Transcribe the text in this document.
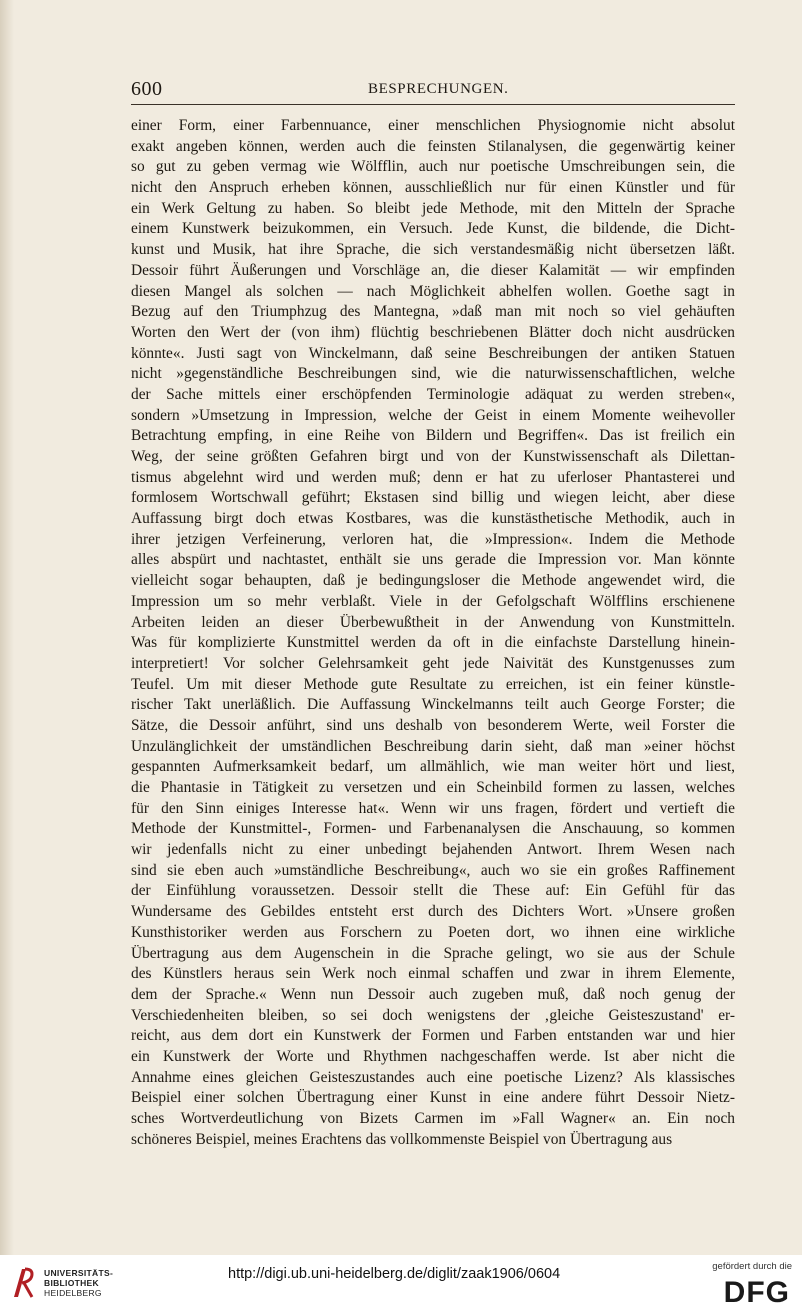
600	BESPRECHUNGEN.
einer Form, einer Farbennuance, einer menschlichen Physiognomie nicht absolut
exakt angeben können, werden auch die feinsten Stilanalysen, die gegenwärtig keiner
so gut zu geben vermag wie Wölfflin, auch nur poetische Umschreibungen sein, die
nicht den Anspruch erheben können, ausschließlich nur für einen Künstler und für
ein Werk Geltung zu haben. So bleibt jede Methode, mit den Mitteln der Sprache
einem Kunstwerk beizukommen, ein Versuch. Jede Kunst, die bildende, die Dicht-
kunst und Musik, hat ihre Sprache, die sich verstandesmäßig nicht übersetzen läßt.
Dessoir führt Äußerungen und Vorschläge an, die dieser Kalamität — wir empfinden
diesen Mangel als solchen — nach Möglichkeit abhelfen wollen. Goethe sagt in
Bezug auf den Triumphzug des Mantegna, »daß man mit noch so viel gehäuften
Worten den Wert der (von ihm) flüchtig beschriebenen Blätter doch nicht ausdrücken
könnte«. Justi sagt von Winckelmann, daß seine Beschreibungen der antiken Statuen
nicht »gegenständliche Beschreibungen sind, wie die naturwissenschaftlichen, welche
der Sache mittels einer erschöpfenden Terminologie adäquat zu werden streben«,
sondern »Umsetzung in Impression, welche der Geist in einem Momente weihevoller
Betrachtung empfing, in eine Reihe von Bildern und Begriffen«. Das ist freilich ein
Weg, der seine größten Gefahren birgt und von der Kunstwissenschaft als Dilettan-
tismus abgelehnt wird und werden muß; denn er hat zu uferloser Phantasterei und
formlosem Wortschwall geführt; Ekstasen sind billig und wiegen leicht, aber diese
Auffassung birgt doch etwas Kostbares, was die kunstästhetische Methodik, auch in
ihrer jetzigen Verfeinerung, verloren hat, die »Impression«. Indem die Methode
alles abspürt und nachtastet, enthält sie uns gerade die Impression vor. Man könnte
vielleicht sogar behaupten, daß je bedingungsloser die Methode angewendet wird, die
Impression um so mehr verblaßt. Viele in der Gefolgschaft Wölfflins erschienene
Arbeiten leiden an dieser Überbewußtheit in der Anwendung von Kunstmitteln.
Was für komplizierte Kunstmittel werden da oft in die einfachste Darstellung hinein-
interpretiert! Vor solcher Gelehrsamkeit geht jede Naivität des Kunstgenusses zum
Teufel. Um mit dieser Methode gute Resultate zu erreichen, ist ein feiner künstle-
rischer Takt unerläßlich. Die Auffassung Winckelmanns teilt auch George Forster; die
Sätze, die Dessoir anführt, sind uns deshalb von besonderem Werte, weil Forster die
Unzulänglichkeit der umständlichen Beschreibung darin sieht, daß man »einer höchst
gespannten Aufmerksamkeit bedarf, um allmählich, wie man weiter hört und liest,
die Phantasie in Tätigkeit zu versetzen und ein Scheinbild formen zu lassen, welches
für den Sinn einiges Interesse hat«. Wenn wir uns fragen, fördert und vertieft die
Methode der Kunstmittel-, Formen- und Farbenanalysen die Anschauung, so kommen
wir jedenfalls nicht zu einer unbedingt bejahenden Antwort. Ihrem Wesen nach
sind sie eben auch »umständliche Beschreibung«, auch wo sie ein großes Raffinement
der Einfühlung voraussetzen. Dessoir stellt die These auf: Ein Gefühl für das
Wundersame des Gebildes entsteht erst durch des Dichters Wort. »Unsere großen
Kunsthistoriker werden aus Forschern zu Poeten dort, wo ihnen eine wirkliche
Übertragung aus dem Augenschein in die Sprache gelingt, wo sie aus der Schule
des Künstlers heraus sein Werk noch einmal schaffen und zwar in ihrem Elemente,
dem der Sprache.« Wenn nun Dessoir auch zugeben muß, daß noch genug der
Verschiedenheiten bleiben, so sei doch wenigstens der ‚gleiche Geisteszustand' er-
reicht, aus dem dort ein Kunstwerk der Formen und Farben entstanden war und hier
ein Kunstwerk der Worte und Rhythmen nachgeschaffen werde. Ist aber nicht die
Annahme eines gleichen Geisteszustandes auch eine poetische Lizenz? Als klassisches
Beispiel einer solchen Übertragung einer Kunst in eine andere führt Dessoir Nietz-
sches Wortverdeutlichung von Bizets Carmen im »Fall Wagner« an. Ein noch
schöneres Beispiel, meines Erachtens das vollkommenste Beispiel von Übertragung aus
UNIVERSITÄTS-
BIBLIOTHEK
HEIDELBERG
http://digi.ub.uni-heidelberg.de/diglit/zaak1906/0604	gefördert durch die
DFG
